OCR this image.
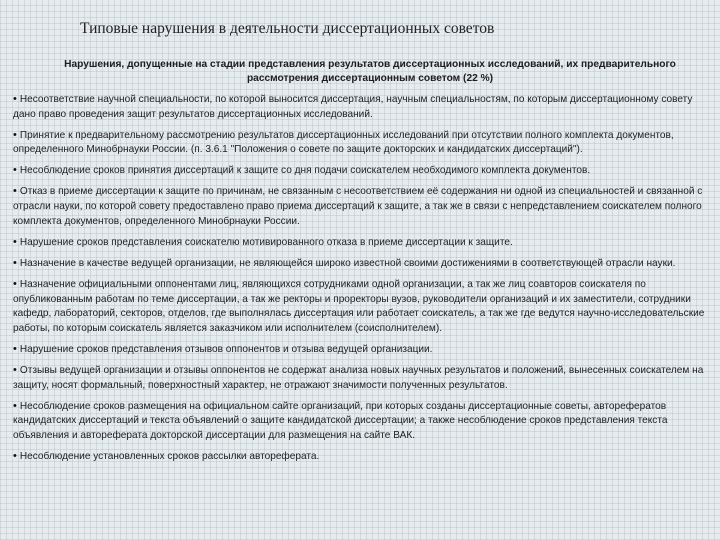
Типовые нарушения в деятельности диссертационных советов
Нарушения, допущенные на стадии представления результатов диссертационных исследований, их предварительного рассмотрения диссертационным советом (22 %)
• Несоответствие научной специальности, по которой выносится диссертация, научным специальностям, по которым диссертационному совету дано право проведения защит результатов диссертационных исследований.
• Принятие к предварительному рассмотрению результатов диссертационных исследований при отсутствии полного комплекта документов, определенного Минобрнауки России. (п. 3.6.1 "Положения о совете по защите докторских и кандидатских диссертаций").
• Несоблюдение сроков принятия диссертаций к защите со дня подачи соискателем необходимого комплекта документов.
• Отказ в приеме диссертации к защите по причинам, не связанным с несоответствием её содержания ни одной из специальностей и связанной с отрасли науки, по которой совету предоставлено право приема диссертаций к защите, а так же в связи с непредставлением соискателем полного комплекта документов, определенного Минобрнауки России.
• Нарушение сроков представления соискателю мотивированного отказа в приеме диссертации к защите.
• Назначение в качестве ведущей организации, не являющейся широко известной своими достижениями в соответствующей отрасли науки.
• Назначение официальными оппонентами лиц, являющихся сотрудниками одной организации, а так же лиц соавторов соискателя по опубликованным работам по теме диссертации, а так же ректоры и проректоры вузов, руководители организаций и их заместители, сотрудники кафедр, лабораторий, секторов, отделов, где выполнялась диссертация или работает соискатель, а так же где ведутся научно-исследовательские работы, по которым соискатель является заказчиком или исполнителем (соисполнителем).
• Нарушение сроков представления отзывов оппонентов и отзыва ведущей организации.
• Отзывы ведущей организации и отзывы оппонентов не содержат анализа новых научных результатов и положений, вынесенных соискателем на защиту, носят формальный, поверхностный характер, не отражают значимости полученных результатов.
• Несоблюдение сроков размещения на официальном сайте организаций, при которых созданы диссертационные советы, авторефератов кандидатских диссертаций и текста объявлений о защите кандидатской диссертации; а также несоблюдение сроков представления текста объявления и автореферата докторской диссертации для размещения на сайте ВАК.
• Несоблюдение установленных сроков рассылки автореферата.
